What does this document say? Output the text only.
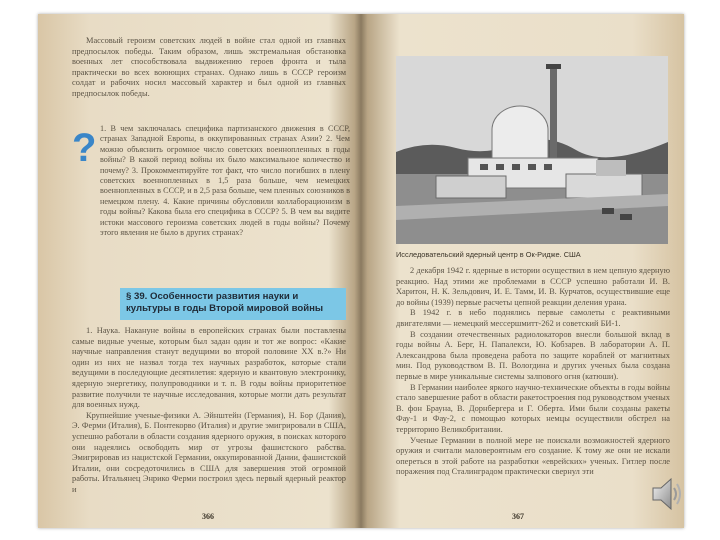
Массовый героизм советских людей в войне стал одной из главных предпосылок победы. Таким образом, лишь экстремальная обстановка военных лет способствовала выдвижению героев фронта и тыла практически во всех воюющих странах. Однако лишь в СССР героизм солдат и рабочих носил массовый характер и был одной из главных предпосылок победы.

? 1. В чем заключалась специфика партизанского движения в СССР, странах Западной Европы, в оккупированных странах Азии? 2. Чем можно объяснить огромное число советских военнопленных в годы войны? В какой период войны их было максимальное количество и почему? 3. Прокомментируйте тот факт, что число погибших в плену советских военнопленных в 1,5 раза больше, чем немецких военнопленных в СССР, и в 2,5 раза больше, чем пленных союзников в немецком плену. 4. Какие причины обусловили коллаборационизм в годы войны? Какова была его специфика в СССР? 5. В чем вы видите истоки массового героизма советских людей в годы войны? Почему этого явления не было в других странах?

§ 39. Особенности развития науки и культуры в годы Второй мировой войны

1. Наука. Накануне войны в европейских странах были поставлены самые видные ученые, которым был задан один и тот же вопрос: «Какие научные направления станут ведущими во второй половине XX в.?» Ни один из них не назвал тогда тех научных разработок, которые стали ведущими в последующие десятилетия: ядерную и квантовую электронику, ядерную энергетику, полупроводники и т. п. В годы войны приоритетное развитие получили те научные исследования, которые могли дать результат для военных нужд.

Крупнейшие ученые-физики А. Эйнштейн (Германия), Н. Бор (Дания), Э. Ферми (Италия), Б. Понтекорво (Италия) и другие эмигрировали в США, успешно работали в области создания ядерного оружия, в поисках которого они надеялись освободить мир от угрозы фашистского рабства. Эмигрировав из нацистской Германии, оккупированной Дании, фашистской Италии, они сосредоточились в США для завершения этой огромной работы. Итальянец Энрико Ферми построил здесь первый ядерный реактор и

366
Исследовательский ядерный центр в Ок-Ридже. США

2 декабря 1942 г. ядерные в истории осуществил в нем цепную ядерную реакцию. Над этими же проблемами в СССР успешно работали И. В. Харитон, Н. К. Зельдович, И. Е. Тамм, И. В. Курчатов, осуществившие еще до войны (1939) первые расчеты цепной реакции деления урана.

В 1942 г. в небо поднялись первые самолеты с реактивными двигателями — немецкий мессершмитт-262 и советский БИ-1.

В создании отечественных радиолокаторов внесли большой вклад в годы войны А. Берг, Н. Папалекси, Ю. Кобзарев. В лаборатории А. П. Александрова была проведена работа по защите кораблей от магнитных мин. Под руководством В. П. Вологдина и других ученых была создана первые в мире уникальные системы залпового огня (катюши).

В Германии наиболее яркого научно-технические объекты в годы войны стало завершение работ в области ракетостроения под руководством ученых В. фон Брауна, В. Дорнбергера и Г. Оберта. Ими были созданы ракеты Фау-1 и Фау-2, с помощью которых немцы осуществили обстрел на территорию Великобритании.

Ученые Германии в полной мере не поискали возможностей ядерного оружия и считали маловероятным его создание. К тому же они не искали опереться в этой работе на разработки «еврейских» ученых. Гитлер после поражения под Сталинградом практически свернул эти

367
